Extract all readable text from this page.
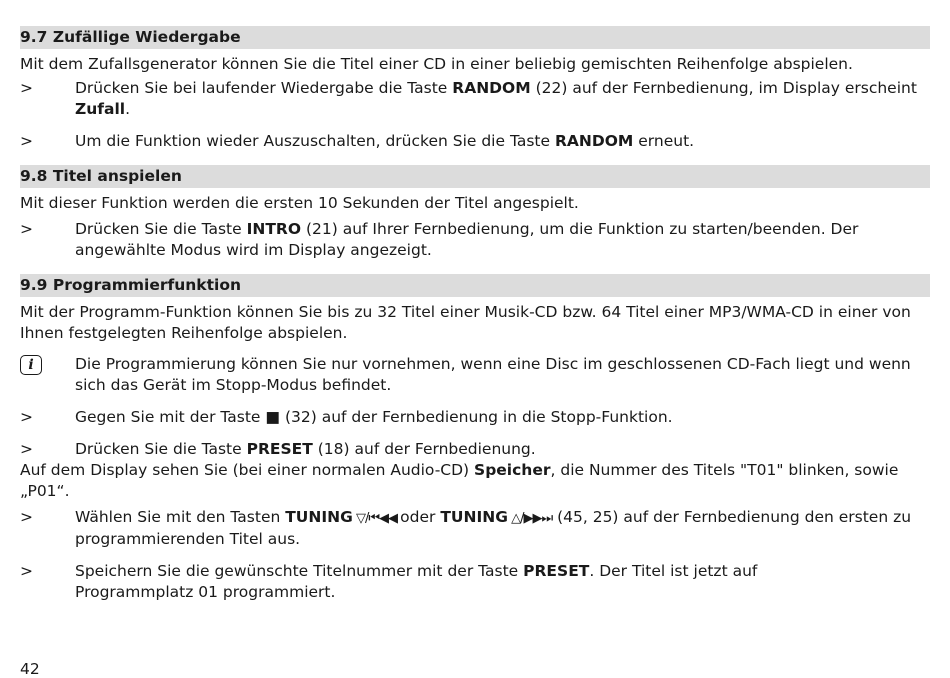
9.7 Zufällige Wiedergabe

Mit dem Zufallsgenerator können Sie die Titel einer CD in einer beliebig gemischten Reihenfolge abspielen.

>	Drücken Sie bei laufender Wiedergabe die Taste RANDOM (22) auf der Fernbedienung, im Display erscheint Zufall.
>	Um die Funktion wieder Auszuschalten, drücken Sie die Taste RANDOM erneut.
9.8 Titel anspielen

Mit dieser Funktion werden die ersten 10 Sekunden der Titel angespielt.

>	Drücken Sie die Taste INTRO (21) auf Ihrer Fernbedienung, um die Funktion zu starten/beenden. Der angewählte Modus wird im Display angezeigt.
9.9 Programmierfunktion

Mit der Programm-Funktion können Sie bis zu 32 Titel einer Musik-CD bzw. 64 Titel einer MP3/WMA-CD in einer von Ihnen festgelegten Reihenfolge abspielen.

i	Die Programmierung können Sie nur vornehmen, wenn eine Disc im geschlossenen CD-Fach liegt und wenn sich das Gerät im Stopp-Modus befindet.
>	Gegen Sie mit der Taste ■ (32) auf der Fernbedienung in die Stopp-Funktion.
>	Drücken Sie die Taste PRESET (18) auf der Fernbedienung.

Auf dem Display sehen Sie (bei einer normalen Audio-CD) Speicher, die Nummer des Titels "T01" blinken, sowie „P01“.

>	Wählen Sie mit den Tasten TUNING ▽/⏮◀◀ oder TUNING △/▶▶⏭ (45, 25) auf der Fernbedienung den ersten zu programmierenden Titel aus.
>	Speichern Sie die gewünschte Titelnummer mit der Taste PRESET. Der Titel ist jetzt auf Programmplatz 01 programmiert.
42
